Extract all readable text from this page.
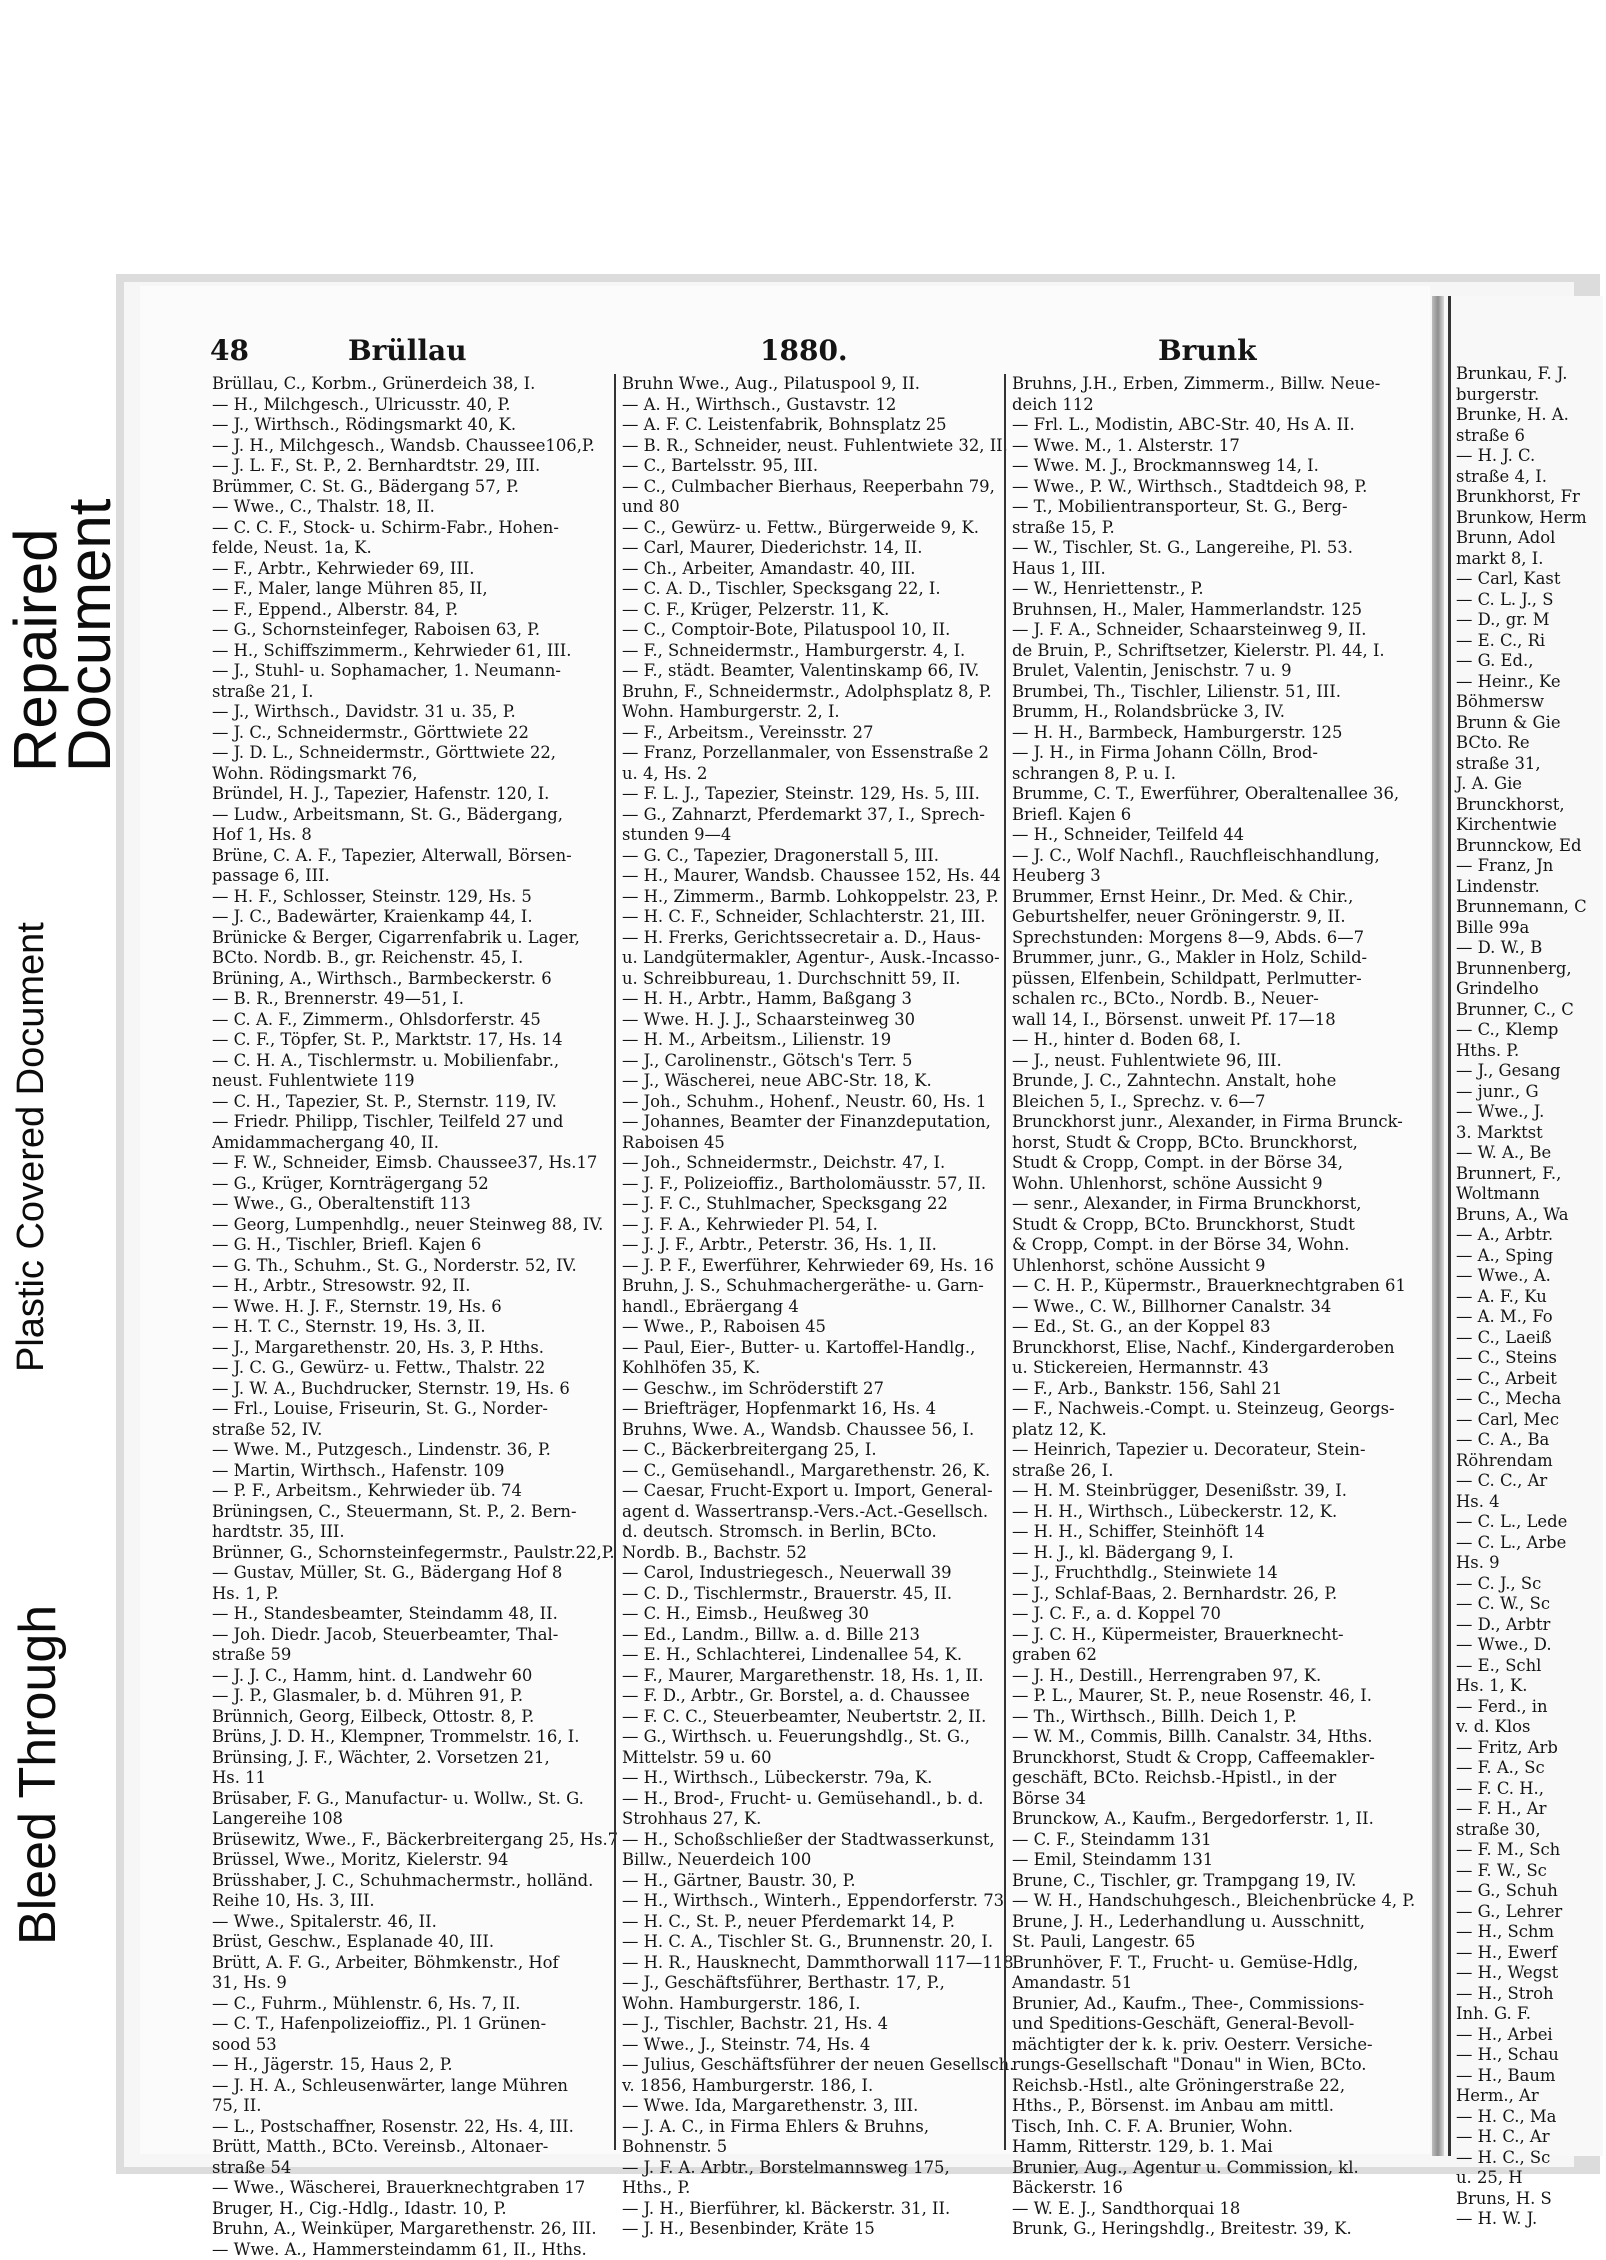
Repaired
Document
Plastic Covered Document
Bleed Through
48	Brüllau	1880.	Brunk
Brüllau, C., Korbm., Grünerdeich 38, I.
— H., Milchgesch., Ulricusstr. 40, P.
— J., Wirthsch., Rödingsmarkt 40, K.
— J. H., Milchgesch., Wandsb. Chaussee106,P.
— J. L. F., St. P., 2. Bernhardtstr. 29, III.
Brümmer, C. St. G., Bädergang 57, P.
— Wwe., C., Thalstr. 18, II.
— C. C. F., Stock- u. Schirm-Fabr., Hohen-
felde, Neust. 1a, K.
— F., Arbtr., Kehrwieder 69, III.
— F., Maler, lange Mühren 85, II,
— F., Eppend., Alberstr. 84, P.
— G., Schornsteinfeger, Raboisen 63, P.
— H., Schiffszimmerm., Kehrwieder 61, III.
— J., Stuhl- u. Sophamacher, 1. Neumann-
straße 21, I.
— J., Wirthsch., Davidstr. 31 u. 35, P.
— J. C., Schneidermstr., Görttwiete 22
— J. D. L., Schneidermstr., Görttwiete 22,
Wohn. Rödingsmarkt 76,
Bründel, H. J., Tapezier, Hafenstr. 120, I.
— Ludw., Arbeitsmann, St. G., Bädergang,
Hof 1, Hs. 8
Brüne, C. A. F., Tapezier, Alterwall, Börsen-
passage 6, III.
— H. F., Schlosser, Steinstr. 129, Hs. 5
— J. C., Badewärter, Kraienkamp 44, I.
Brünicke & Berger, Cigarrenfabrik u. Lager,
BCto. Nordb. B., gr. Reichenstr. 45, I.
Brüning, A., Wirthsch., Barmbeckerstr. 6
— B. R., Brennerstr. 49—51, I.
— C. A. F., Zimmerm., Ohlsdorferstr. 45
— C. F., Töpfer, St. P., Marktstr. 17, Hs. 14
— C. H. A., Tischlermstr. u. Mobilienfabr.,
neust. Fuhlentwiete 119
— C. H., Tapezier, St. P., Sternstr. 119, IV.
— Friedr. Philipp, Tischler, Teilfeld 27 und
Amidammachergang 40, II.
— F. W., Schneider, Eimsb. Chaussee37, Hs.17
— G., Krüger, Kornträgergang 52
— Wwe., G., Oberaltenstift 113
— Georg, Lumpenhdlg., neuer Steinweg 88, IV.
— G. H., Tischler, Briefl. Kajen 6
— G. Th., Schuhm., St. G., Norderstr. 52, IV.
— H., Arbtr., Stresowstr. 92, II.
— Wwe. H. J. F., Sternstr. 19, Hs. 6
— H. T. C., Sternstr. 19, Hs. 3, II.
— J., Margarethenstr. 20, Hs. 3, P. Hths.
— J. C. G., Gewürz- u. Fettw., Thalstr. 22
— J. W. A., Buchdrucker, Sternstr. 19, Hs. 6
— Frl., Louise, Friseurin, St. G., Norder-
straße 52, IV.
— Wwe. M., Putzgesch., Lindenstr. 36, P.
— Martin, Wirthsch., Hafenstr. 109
— P. F., Arbeitsm., Kehrwieder üb. 74
Brüningsen, C., Steuermann, St. P., 2. Bern-
hardtstr. 35, III.
Brünner, G., Schornsteinfegermstr., Paulstr.22,P.
— Gustav, Müller, St. G., Bädergang Hof 8
Hs. 1, P.
— H., Standesbeamter, Steindamm 48, II.
— Joh. Diedr. Jacob, Steuerbeamter, Thal-
straße 59
— J. J. C., Hamm, hint. d. Landwehr 60
— J. P., Glasmaler, b. d. Mühren 91, P.
Brünnich, Georg, Eilbeck, Ottostr. 8, P.
Brüns, J. D. H., Klempner, Trommelstr. 16, I.
Brünsing, J. F., Wächter, 2. Vorsetzen 21,
Hs. 11
Brüsaber, F. G., Manufactur- u. Wollw., St. G.
Langereihe 108
Brüsewitz, Wwe., F., Bäckerbreitergang 25, Hs.7
Brüssel, Wwe., Moritz, Kielerstr. 94
Brüsshaber, J. C., Schuhmachermstr., holländ.
Reihe 10, Hs. 3, III.
— Wwe., Spitalerstr. 46, II.
Brüst, Geschw., Esplanade 40, III.
Brütt, A. F. G., Arbeiter, Böhmkenstr., Hof
31, Hs. 9
— C., Fuhrm., Mühlenstr. 6, Hs. 7, II.
— C. T., Hafenpolizeioffiz., Pl. 1 Grünen-
sood 53
— H., Jägerstr. 15, Haus 2, P.
— J. H. A., Schleusenwärter, lange Mühren
75, II.
— L., Postschaffner, Rosenstr. 22, Hs. 4, III.
Brütt, Matth., BCto. Vereinsb., Altonaer-
straße 54
— Wwe., Wäscherei, Brauerknechtgraben 17
Bruger, H., Cig.-Hdlg., Idastr. 10, P.
Bruhn, A., Weinküper, Margarethenstr. 26, III.
— Wwe. A., Hammersteindamm 61, II., Hths.
Bruhn Wwe., Aug., Pilatuspool 9, II.
— A. H., Wirthsch., Gustavstr. 12
— A. F. C. Leistenfabrik, Bohnsplatz 25
— B. R., Schneider, neust. Fuhlentwiete 32, II.
— C., Bartelsstr. 95, III.
— C., Culmbacher Bierhaus, Reeperbahn 79,
und 80
— C., Gewürz- u. Fettw., Bürgerweide 9, K.
— Carl, Maurer, Diederichstr. 14, II.
— Ch., Arbeiter, Amandastr. 40, III.
— C. A. D., Tischler, Specksgang 22, I.
— C. F., Krüger, Pelzerstr. 11, K.
— C., Comptoir-Bote, Pilatuspool 10, II.
— F., Schneidermstr., Hamburgerstr. 4, I.
— F., städt. Beamter, Valentinskamp 66, IV.
Bruhn, F., Schneidermstr., Adolphsplatz 8, P.
Wohn. Hamburgerstr. 2, I.
— F., Arbeitsm., Vereinsstr. 27
— Franz, Porzellanmaler, von Essenstraße 2
u. 4, Hs. 2
— F. L. J., Tapezier, Steinstr. 129, Hs. 5, III.
— G., Zahnarzt, Pferdemarkt 37, I., Sprech-
stunden 9—4
— G. C., Tapezier, Dragonerstall 5, III.
— H., Maurer, Wandsb. Chaussee 152, Hs. 44
— H., Zimmerm., Barmb. Lohkoppelstr. 23, P.
— H. C. F., Schneider, Schlachterstr. 21, III.
— H. Frerks, Gerichtssecretair a. D., Haus-
u. Landgütermakler, Agentur-, Ausk.-Incasso-
u. Schreibbureau, 1. Durchschnitt 59, II.
— H. H., Arbtr., Hamm, Baßgang 3
— Wwe. H. J. J., Schaarsteinweg 30
— H. M., Arbeitsm., Lilienstr. 19
— J., Carolinenstr., Götsch's Terr. 5
— J., Wäscherei, neue ABC-Str. 18, K.
— Joh., Schuhm., Hohenf., Neustr. 60, Hs. 1
— Johannes, Beamter der Finanzdeputation,
Raboisen 45
— Joh., Schneidermstr., Deichstr. 47, I.
— J. F., Polizeioffiz., Bartholomäusstr. 57, II.
— J. F. C., Stuhlmacher, Specksgang 22
— J. F. A., Kehrwieder Pl. 54, I.
— J. J. F., Arbtr., Peterstr. 36, Hs. 1, II.
— J. P. F., Ewerführer, Kehrwieder 69, Hs. 16
Bruhn, J. S., Schuhmachergeräthe- u. Garn-
handl., Ebräergang 4
— Wwe., P., Raboisen 45
— Paul, Eier-, Butter- u. Kartoffel-Handlg.,
Kohlhöfen 35, K.
— Geschw., im Schröderstift 27
— Briefträger, Hopfenmarkt 16, Hs. 4
Bruhns, Wwe. A., Wandsb. Chaussee 56, I.
— C., Bäckerbreitergang 25, I.
— C., Gemüsehandl., Margarethenstr. 26, K.
— Caesar, Frucht-Export u. Import, General-
agent d. Wassertransp.-Vers.-Act.-Gesellsch.
d. deutsch. Stromsch. in Berlin, BCto.
Nordb. B., Bachstr. 52
— Carol, Industriegesch., Neuerwall 39
— C. D., Tischlermstr., Brauerstr. 45, II.
— C. H., Eimsb., Heußweg 30
— Ed., Landm., Billw. a. d. Bille 213
— E. H., Schlachterei, Lindenallee 54, K.
— F., Maurer, Margarethenstr. 18, Hs. 1, II.
— F. D., Arbtr., Gr. Borstel, a. d. Chaussee
— F. C. C., Steuerbeamter, Neubertstr. 2, II.
— G., Wirthsch. u. Feuerungshdlg., St. G.,
Mittelstr. 59 u. 60
— H., Wirthsch., Lübeckerstr. 79a, K.
— H., Brod-, Frucht- u. Gemüsehandl., b. d.
Strohhaus 27, K.
— H., Schoßschließer der Stadtwasserkunst,
Billw., Neuerdeich 100
— H., Gärtner, Baustr. 30, P.
— H., Wirthsch., Winterh., Eppendorferstr. 73
— H. C., St. P., neuer Pferdemarkt 14, P.
— H. C. A., Tischler St. G., Brunnenstr. 20, I.
— H. R., Hausknecht, Dammthorwall 117—118
— J., Geschäftsführer, Berthastr. 17, P.,
Wohn. Hamburgerstr. 186, I.
— J., Tischler, Bachstr. 21, Hs. 4
— Wwe., J., Steinstr. 74, Hs. 4
— Julius, Geschäftsführer der neuen Gesellsch.
v. 1856, Hamburgerstr. 186, I.
— Wwe. Ida, Margarethenstr. 3, III.
— J. A. C., in Firma Ehlers & Bruhns,
Bohnenstr. 5
— J. F. A. Arbtr., Borstelmannsweg 175,
Hths., P.
— J. H., Bierführer, kl. Bäckerstr. 31, II.
— J. H., Besenbinder, Kräte 15
Bruhns, J.H., Erben, Zimmerm., Billw. Neue-
deich 112
— Frl. L., Modistin, ABC-Str. 40, Hs A. II.
— Wwe. M., 1. Alsterstr. 17
— Wwe. M. J., Brockmannsweg 14, I.
— Wwe., P. W., Wirthsch., Stadtdeich 98, P.
— T., Mobilientransporteur, St. G., Berg-
straße 15, P.
— W., Tischler, St. G., Langereihe, Pl. 53.
Haus 1, III.
— W., Henriettenstr., P.
Bruhnsen, H., Maler, Hammerlandstr. 125
— J. F. A., Schneider, Schaarsteinweg 9, II.
de Bruin, P., Schriftsetzer, Kielerstr. Pl. 44, I.
Brulet, Valentin, Jenischstr. 7 u. 9
Brumbei, Th., Tischler, Lilienstr. 51, III.
Brumm, H., Rolandsbrücke 3, IV.
— H. H., Barmbeck, Hamburgerstr. 125
— J. H., in Firma Johann Cölln, Brod-
schrangen 8, P. u. I.
Brumme, C. T., Ewerführer, Oberaltenallee 36,
Briefl. Kajen 6
— H., Schneider, Teilfeld 44
— J. C., Wolf Nachfl., Rauchfleischhandlung,
Heuberg 3
Brummer, Ernst Heinr., Dr. Med. & Chir.,
Geburtshelfer, neuer Gröningerstr. 9, II.
Sprechstunden: Morgens 8—9, Abds. 6—7
Brummer, junr., G., Makler in Holz, Schild-
püssen, Elfenbein, Schildpatt, Perlmutter-
schalen rc., BCto., Nordb. B., Neuer-
wall 14, I., Börsenst. unweit Pf. 17—18
— H., hinter d. Boden 68, I.
— J., neust. Fuhlentwiete 96, III.
Brunde, J. C., Zahntechn. Anstalt, hohe
Bleichen 5, I., Sprechz. v. 6—7
Brunckhorst junr., Alexander, in Firma Brunck-
horst, Studt & Cropp, BCto. Brunckhorst,
Studt & Cropp, Compt. in der Börse 34,
Wohn. Uhlenhorst, schöne Aussicht 9
— senr., Alexander, in Firma Brunckhorst,
Studt & Cropp, BCto. Brunckhorst, Studt
& Cropp, Compt. in der Börse 34, Wohn.
Uhlenhorst, schöne Aussicht 9
— C. H. P., Küpermstr., Brauerknechtgraben 61
— Wwe., C. W., Billhorner Canalstr. 34
— Ed., St. G., an der Koppel 83
Brunckhorst, Elise, Nachf., Kindergarderoben
u. Stickereien, Hermannstr. 43
— F., Arb., Bankstr. 156, Sahl 21
— F., Nachweis.-Compt. u. Steinzeug, Georgs-
platz 12, K.
— Heinrich, Tapezier u. Decorateur, Stein-
straße 26, I.
— H. M. Steinbrügger, Desenißstr. 39, I.
— H. H., Wirthsch., Lübeckerstr. 12, K.
— H. H., Schiffer, Steinhöft 14
— H. J., kl. Bädergang 9, I.
— J., Fruchthdlg., Steinwiete 14
— J., Schlaf-Baas, 2. Bernhardstr. 26, P.
— J. C. F., a. d. Koppel 70
— J. C. H., Küpermeister, Brauerknecht-
graben 62
— J. H., Destill., Herrengraben 97, K.
— P. L., Maurer, St. P., neue Rosenstr. 46, I.
— Th., Wirthsch., Billh. Deich 1, P.
— W. M., Commis, Billh. Canalstr. 34, Hths.
Brunckhorst, Studt & Cropp, Caffeemakler-
geschäft, BCto. Reichsb.-Hpistl., in der
Börse 34
Brunckow, A., Kaufm., Bergedorferstr. 1, II.
— C. F., Steindamm 131
— Emil, Steindamm 131
Brune, C., Tischler, gr. Trampgang 19, IV.
— W. H., Handschuhgesch., Bleichenbrücke 4, P.
Brune, J. H., Lederhandlung u. Ausschnitt,
St. Pauli, Langestr. 65
Brunhöver, F. T., Frucht- u. Gemüse-Hdlg,
Amandastr. 51
Brunier, Ad., Kaufm., Thee-, Commissions-
und Speditions-Geschäft, General-Bevoll-
mächtigter der k. k. priv. Oesterr. Versiche-
rungs-Gesellschaft "Donau" in Wien, BCto.
Reichsb.-Hstl., alte Gröningerstraße 22,
Hths., P., Börsenst. im Anbau am mittl.
Tisch, Inh. C. F. A. Brunier, Wohn.
Hamm, Ritterstr. 129, b. 1. Mai
Brunier, Aug., Agentur u. Commission, kl.
Bäckerstr. 16
— W. E. J., Sandthorquai 18
Brunk, G., Heringshdlg., Breitestr. 39, K.
Brunkau, F. J.
burgerstr.
Brunke, H. A.
straße 6
— H. J. C.
straße 4, I.
Brunkhorst, Fr
Brunkow, Herm
Brunn, Adol
markt 8, I.
— Carl, Kast
— C. L. J., S
— D., gr. M
— E. C., Ri
— G. Ed.,
— Heinr., Ke
Böhmersw
Brunn & Gie
BCto. Re
straße 31,
J. A. Gie
Brunckhorst,
Kirchentwie
Brunnckow, Ed
— Franz, Jn
Lindenstr.
Brunnemann, C
Bille 99a
— D. W., B
Brunnenberg,
Grindelho
Brunner, C., C
— C., Klemp
Hths. P.
— J., Gesang
— junr., G
— Wwe., J.
3. Marktst
— W. A., Be
Brunnert, F.,
Woltmann
Bruns, A., Wa
— A., Arbtr.
— A., Sping
— Wwe., A.
— A. F., Ku
— A. M., Fo
— C., Laeiß
— C., Steins
— C., Arbeit
— C., Mecha
— Carl, Mec
— C. A., Ba
Röhrendam
— C. C., Ar
Hs. 4
— C. L., Lede
— C. L., Arbe
Hs. 9
— C. J., Sc
— C. W., Sc
— D., Arbtr
— Wwe., D.
— E., Schl
Hs. 1, K.
— Ferd., in
v. d. Klos
— Fritz, Arb
— F. A., Sc
— F. C. H.,
— F. H., Ar
straße 30,
— F. M., Sch
— F. W., Sc
— G., Schuh
— G., Lehrer
— H., Schm
— H., Ewerf
— H., Wegst
— H., Stroh
Inh. G. F.
— H., Arbei
— H., Schau
— H., Baum
Herm., Ar
— H. C., Ma
— H. C., Ar
— H. C., Sc
u. 25, H
Bruns, H. S
— H. W. J.
